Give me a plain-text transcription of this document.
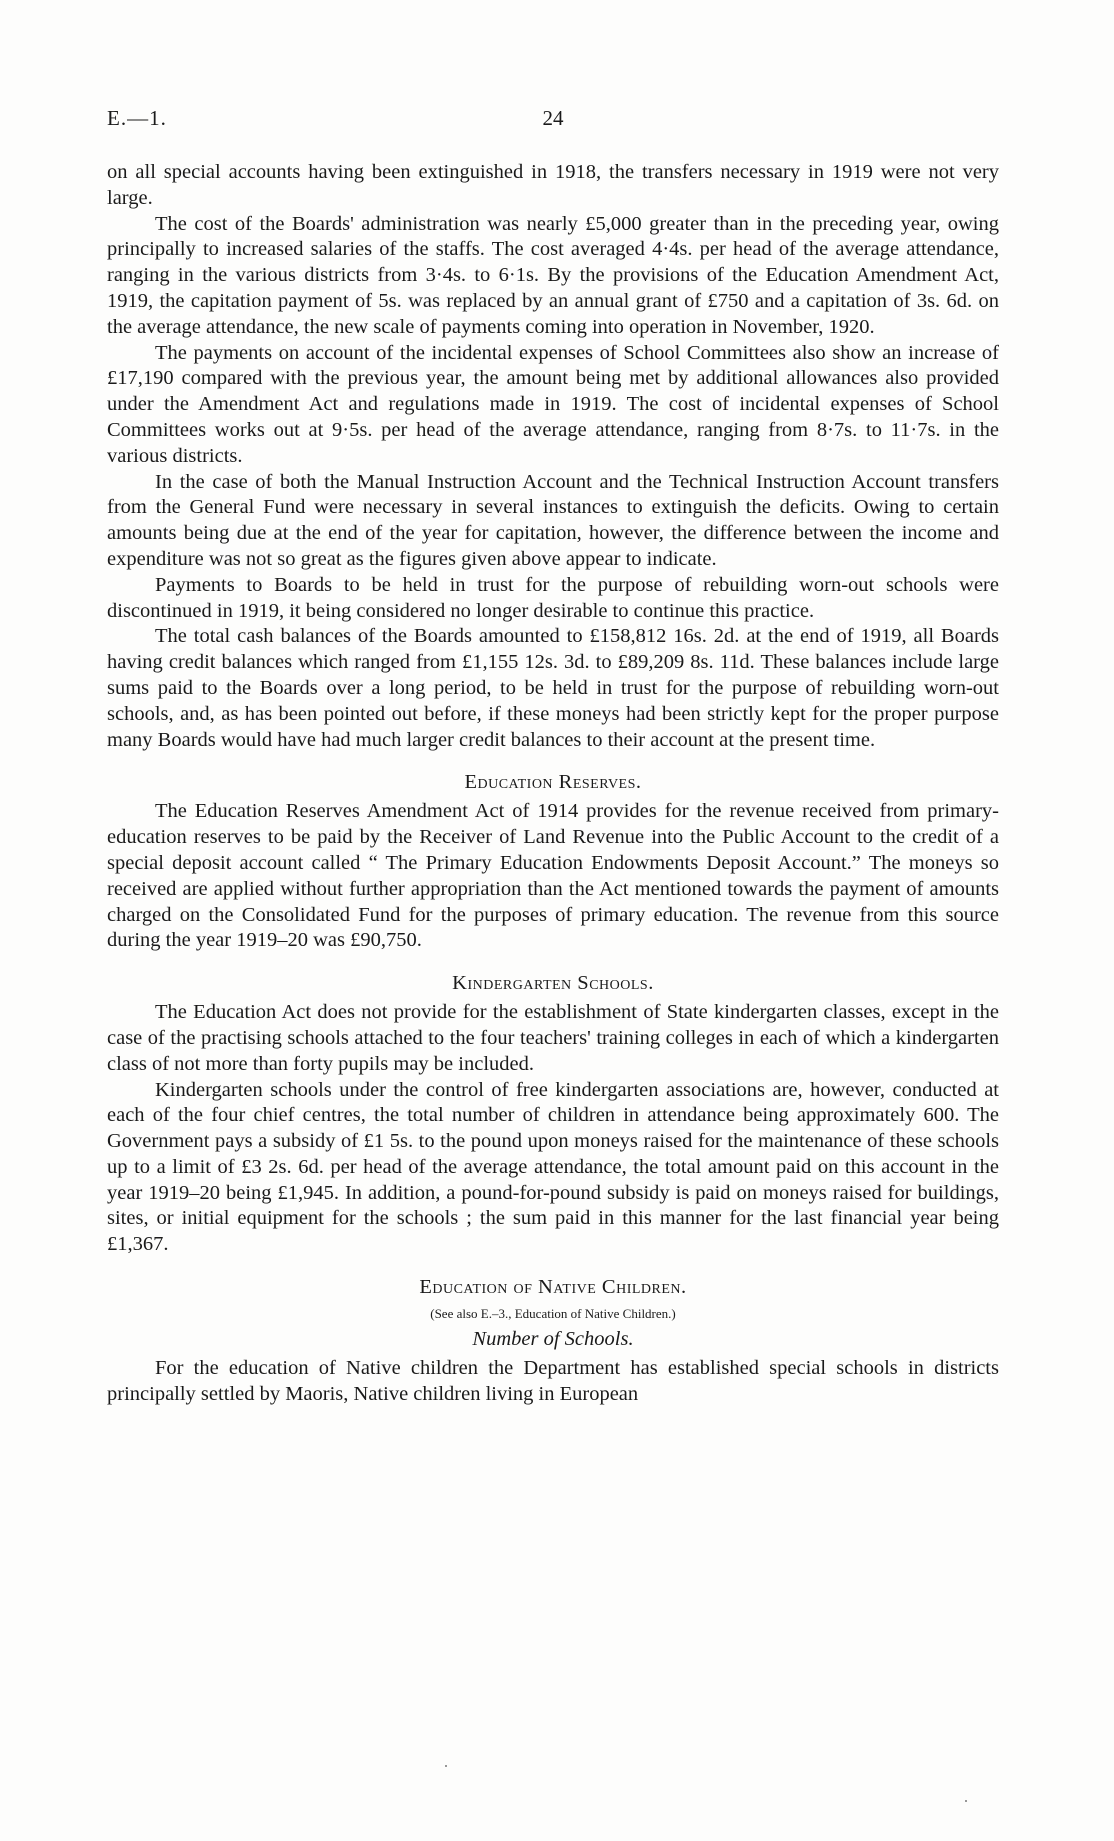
E.—1.	24

on all special accounts having been extinguished in 1918, the transfers necessary in 1919 were not very large.

The cost of the Boards' administration was nearly £5,000 greater than in the preceding year, owing principally to increased salaries of the staffs. The cost averaged 4·4s. per head of the average attendance, ranging in the various districts from 3·4s. to 6·1s. By the provisions of the Education Amendment Act, 1919, the capitation payment of 5s. was replaced by an annual grant of £750 and a capitation of 3s. 6d. on the average attendance, the new scale of payments coming into operation in November, 1920.

The payments on account of the incidental expenses of School Committees also show an increase of £17,190 compared with the previous year, the amount being met by additional allowances also provided under the Amendment Act and regulations made in 1919. The cost of incidental expenses of School Committees works out at 9·5s. per head of the average attendance, ranging from 8·7s. to 11·7s. in the various districts.

In the case of both the Manual Instruction Account and the Technical Instruction Account transfers from the General Fund were necessary in several instances to extinguish the deficits. Owing to certain amounts being due at the end of the year for capitation, however, the difference between the income and expenditure was not so great as the figures given above appear to indicate.

Payments to Boards to be held in trust for the purpose of rebuilding worn-out schools were discontinued in 1919, it being considered no longer desirable to continue this practice.

The total cash balances of the Boards amounted to £158,812 16s. 2d. at the end of 1919, all Boards having credit balances which ranged from £1,155 12s. 3d. to £89,209 8s. 11d. These balances include large sums paid to the Boards over a long period, to be held in trust for the purpose of rebuilding worn-out schools, and, as has been pointed out before, if these moneys had been strictly kept for the proper purpose many Boards would have had much larger credit balances to their account at the present time.

Education Reserves.

The Education Reserves Amendment Act of 1914 provides for the revenue received from primary-education reserves to be paid by the Receiver of Land Revenue into the Public Account to the credit of a special deposit account called “ The Primary Education Endowments Deposit Account.” The moneys so received are applied without further appropriation than the Act mentioned towards the payment of amounts charged on the Consolidated Fund for the purposes of primary education. The revenue from this source during the year 1919–20 was £90,750.

Kindergarten Schools.

The Education Act does not provide for the establishment of State kindergarten classes, except in the case of the practising schools attached to the four teachers' training colleges in each of which a kindergarten class of not more than forty pupils may be included.

Kindergarten schools under the control of free kindergarten associations are, however, conducted at each of the four chief centres, the total number of children in attendance being approximately 600. The Government pays a subsidy of £1 5s. to the pound upon moneys raised for the maintenance of these schools up to a limit of £3 2s. 6d. per head of the average attendance, the total amount paid on this account in the year 1919–20 being £1,945. In addition, a pound-for-pound subsidy is paid on moneys raised for buildings, sites, or initial equipment for the schools ; the sum paid in this manner for the last financial year being £1,367.

Education of Native Children.
(See also E.–3., Education of Native Children.)
Number of Schools.

For the education of Native children the Department has established special schools in districts principally settled by Maoris, Native children living in European
